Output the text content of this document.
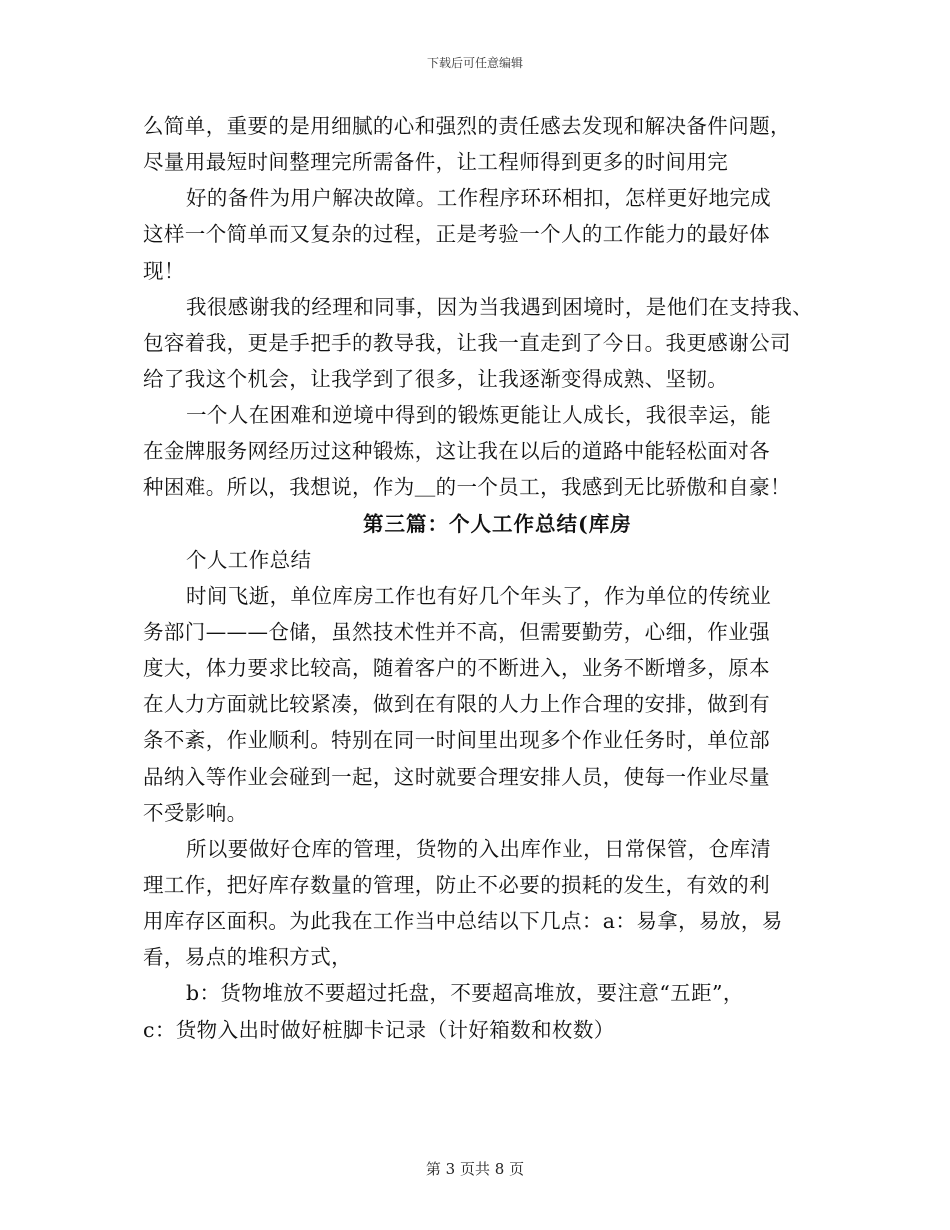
下载后可任意编辑
么简单，重要的是用细腻的心和强烈的责任感去发现和解决备件问题，
尽量用最短时间整理完所需备件，让工程师得到更多的时间用完
好的备件为用户解决故障。工作程序环环相扣，怎样更好地完成
这样一个简单而又复杂的过程，正是考验一个人的工作能力的最好体
现！
我很感谢我的经理和同事，因为当我遇到困境时，是他们在支持我、
包容着我，更是手把手的教导我，让我一直走到了今日。我更感谢公司
给了我这个机会，让我学到了很多，让我逐渐变得成熟、坚韧。
一个人在困难和逆境中得到的锻炼更能让人成长，我很幸运，能
在金牌服务网经历过这种锻炼，这让我在以后的道路中能轻松面对各
种困难。所以，我想说，作为＿的一个员工，我感到无比骄傲和自豪！
第三篇：个人工作总结(库房
个人工作总结
时间飞逝，单位库房工作也有好几个年头了，作为单位的传统业
务部门———仓储，虽然技术性并不高，但需要勤劳，心细，作业强
度大，体力要求比较高，随着客户的不断进入，业务不断增多，原本
在人力方面就比较紧凑，做到在有限的人力上作合理的安排，做到有
条不紊，作业顺利。特别在同一时间里出现多个作业任务时，单位部
品纳入等作业会碰到一起，这时就要合理安排人员，使每一作业尽量
不受影响。
所以要做好仓库的管理，货物的入出库作业，日常保管，仓库清
理工作，把好库存数量的管理，防止不必要的损耗的发生，有效的利
用库存区面积。为此我在工作当中总结以下几点：a：易拿，易放，易
看，易点的堆积方式，
b：货物堆放不要超过托盘，不要超高堆放，要注意“五距”，
c：货物入出时做好桩脚卡记录（计好箱数和枚数）
第 3 页共 8 页
